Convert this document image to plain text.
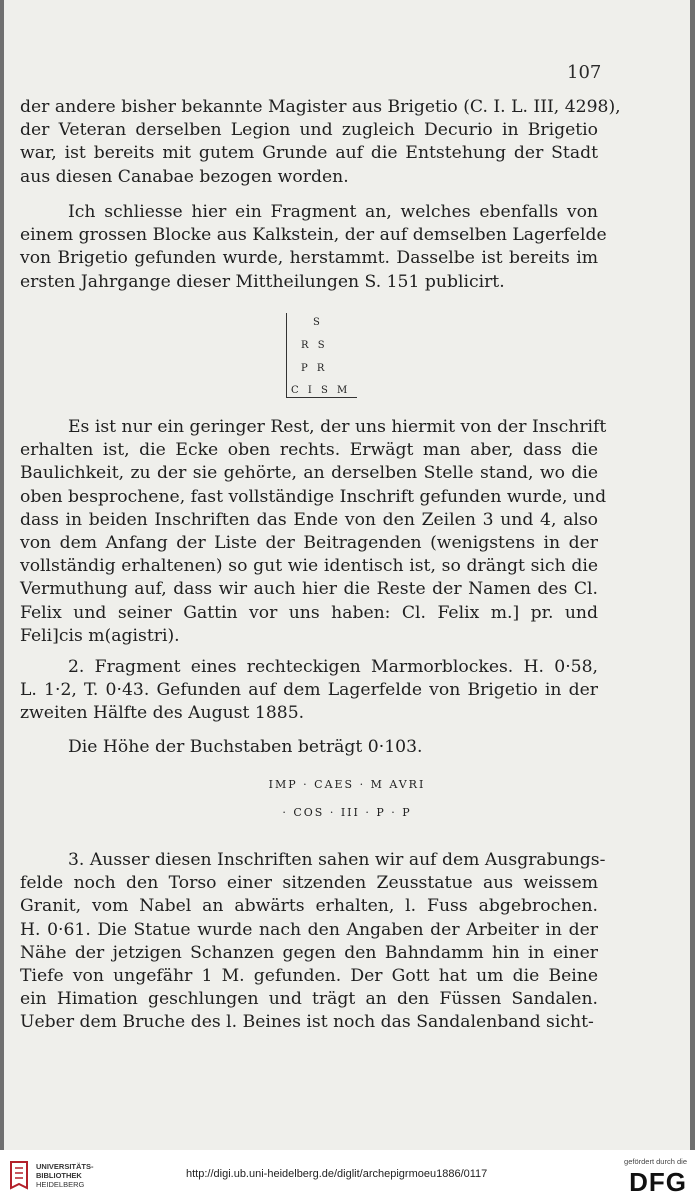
107

der andere bisher bekannte Magister aus Brigetio (C. I. L. III, 4298),
der Veteran derselben Legion und zugleich Decurio in Brigetio
war, ist bereits mit gutem Grunde auf die Entstehung der Stadt
aus diesen Canabae bezogen worden.

Ich schliesse hier ein Fragment an, welches ebenfalls von
einem grossen Blocke aus Kalkstein, der auf demselben Lagerfelde
von Brigetio gefunden wurde, herstammt. Dasselbe ist bereits im
ersten Jahrgange dieser Mittheilungen S. 151 publicirt.

S
R S
P R
C I S M

Es ist nur ein geringer Rest, der uns hiermit von der Inschrift
erhalten ist, die Ecke oben rechts. Erwägt man aber, dass die
Baulichkeit, zu der sie gehörte, an derselben Stelle stand, wo die
oben besprochene, fast vollständige Inschrift gefunden wurde, und
dass in beiden Inschriften das Ende von den Zeilen 3 und 4, also
von dem Anfang der Liste der Beitragenden (wenigstens in der
vollständig erhaltenen) so gut wie identisch ist, so drängt sich die
Vermuthung auf, dass wir auch hier die Reste der Namen des Cl.
Felix und seiner Gattin vor uns haben: Cl. Felix m.] pr. und
Feli]cis m(agistri).

2. Fragment eines rechteckigen Marmorblockes. H. 0·58,
L. 1·2, T. 0·43. Gefunden auf dem Lagerfelde von Brigetio in der
zweiten Hälfte des August 1885.

Die Höhe der Buchstaben beträgt 0·103.

IMP · CAES · M AVRI
· COS · III · P · P

3. Ausser diesen Inschriften sahen wir auf dem Ausgrabungs-
felde noch den Torso einer sitzenden Zeusstatue aus weissem
Granit, vom Nabel an abwärts erhalten, l. Fuss abgebrochen.
H. 0·61. Die Statue wurde nach den Angaben der Arbeiter in der
Nähe der jetzigen Schanzen gegen den Bahndamm hin in einer
Tiefe von ungefähr 1 M. gefunden. Der Gott hat um die Beine
ein Himation geschlungen und trägt an den Füssen Sandalen.
Ueber dem Bruche des l. Beines ist noch das Sandalenband sicht-

UNIVERSITÄTS-
BIBLIOTHEK
HEIDELBERG
http://digi.ub.uni-heidelberg.de/diglit/archepigrmoeu1886/0117
gefördert durch die
DFG
